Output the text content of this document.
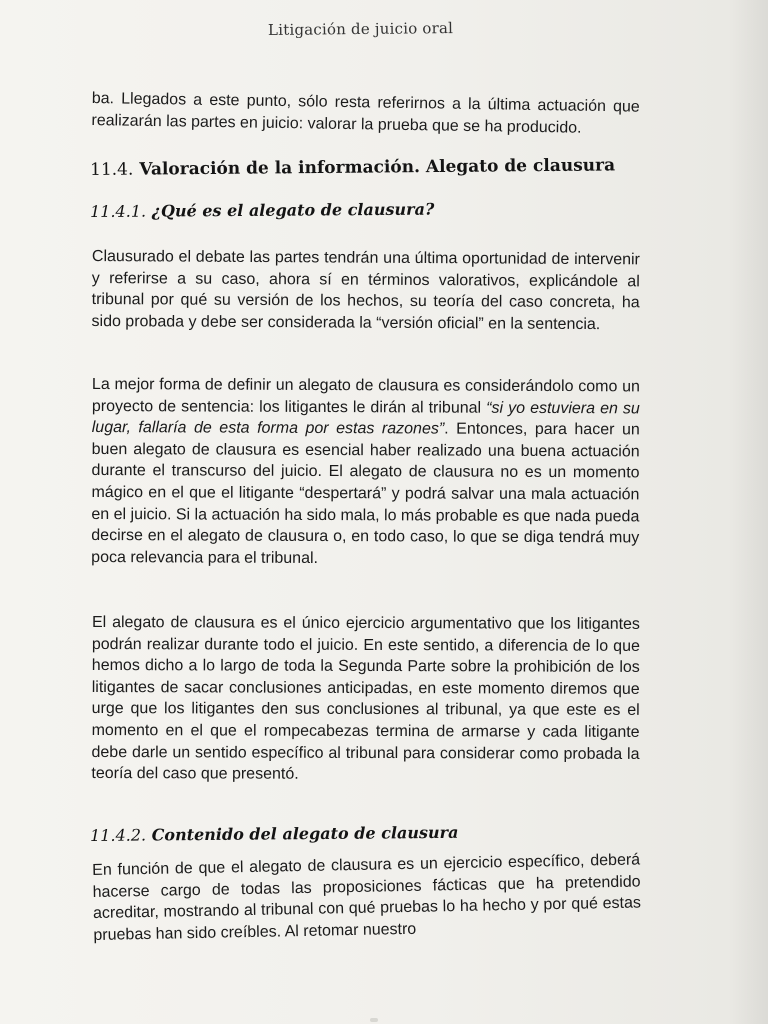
Litigación de juicio oral
ba. Llegados a este punto, sólo resta referirnos a la última actuación que realizarán las partes en juicio: valorar la prueba que se ha producido.
11.4. Valoración de la información. Alegato de clausura
11.4.1. ¿Qué es el alegato de clausura?
Clausurado el debate las partes tendrán una última oportunidad de intervenir y referirse a su caso, ahora sí en términos valorativos, explicándole al tribunal por qué su versión de los hechos, su teoría del caso concreta, ha sido probada y debe ser considerada la “versión oficial” en la sentencia.
La mejor forma de definir un alegato de clausura es considerándolo como un proyecto de sentencia: los litigantes le dirán al tribunal “si yo estuviera en su lugar, fallaría de esta forma por estas razones”. Entonces, para hacer un buen alegato de clausura es esencial haber realizado una buena actuación durante el transcurso del juicio. El alegato de clausura no es un momento mágico en el que el litigante “despertará” y podrá salvar una mala actuación en el juicio. Si la actuación ha sido mala, lo más probable es que nada pueda decirse en el alegato de clausura o, en todo caso, lo que se diga tendrá muy poca relevancia para el tribunal.
El alegato de clausura es el único ejercicio argumentativo que los litigantes podrán realizar durante todo el juicio. En este sentido, a diferencia de lo que hemos dicho a lo largo de toda la Segunda Parte sobre la prohibición de los litigantes de sacar conclusiones anticipadas, en este momento diremos que urge que los litigantes den sus conclusiones al tribunal, ya que este es el momento en el que el rompecabezas termina de armarse y cada litigante debe darle un sentido específico al tribunal para considerar como probada la teoría del caso que presentó.
11.4.2. Contenido del alegato de clausura
En función de que el alegato de clausura es un ejercicio específico, deberá hacerse cargo de todas las proposiciones fácticas que ha pretendido acreditar, mostrando al tribunal con qué pruebas lo ha hecho y por qué estas pruebas han sido creíbles. Al retomar nuestro
